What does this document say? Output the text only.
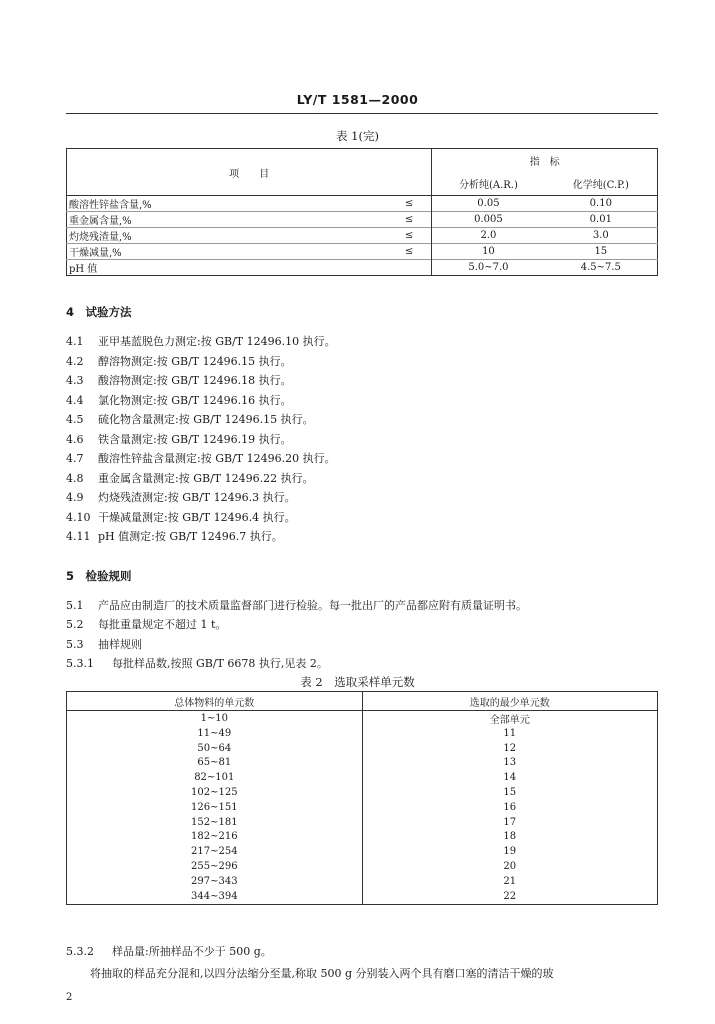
LY/T 1581—2000
表 1(完)
项　　目		指　标	
		分析纯(A.R.)	化学纯(C.P.)
酸溶性锌盐含量,%	≤	0.05	0.10
重金属含量,%	≤	0.005	0.01
灼烧残渣量,%	≤	2.0	3.0
干燥减量,%	≤	10	15
pH 值		5.0~7.0	4.5~7.5
4　试验方法
4.1 亚甲基蓝脱色力测定:按 GB/T 12496.10 执行。
4.2 醇溶物测定:按 GB/T 12496.15 执行。
4.3 酸溶物测定:按 GB/T 12496.18 执行。
4.4 氯化物测定:按 GB/T 12496.16 执行。
4.5 硫化物含量测定:按 GB/T 12496.15 执行。
4.6 铁含量测定:按 GB/T 12496.19 执行。
4.7 酸溶性锌盐含量测定:按 GB/T 12496.20 执行。
4.8 重金属含量测定:按 GB/T 12496.22 执行。
4.9 灼烧残渣测定:按 GB/T 12496.3 执行。
4.10 干燥减量测定:按 GB/T 12496.4 执行。
4.11 pH 值测定:按 GB/T 12496.7 执行。
5　检验规则
5.1 产品应由制造厂的技术质量监督部门进行检验。每一批出厂的产品都应附有质量证明书。
5.2 每批重量规定不超过 1 t。
5.3 抽样规则
5.3.1 每批样品数,按照 GB/T 6678 执行,见表 2。
表 2　选取采样单元数
总体物料的单元数	选取的最少单元数
1~10	全部单元
11~49	11
50~64	12
65~81	13
82~101	14
102~125	15
126~151	16
152~181	17
182~216	18
217~254	19
255~296	20
297~343	21
344~394	22
5.3.2 样品量:所抽样品不少于 500 g。
将抽取的样品充分混和,以四分法缩分至量,称取 500 g 分别装入两个具有磨口塞的清洁干燥的玻
2
